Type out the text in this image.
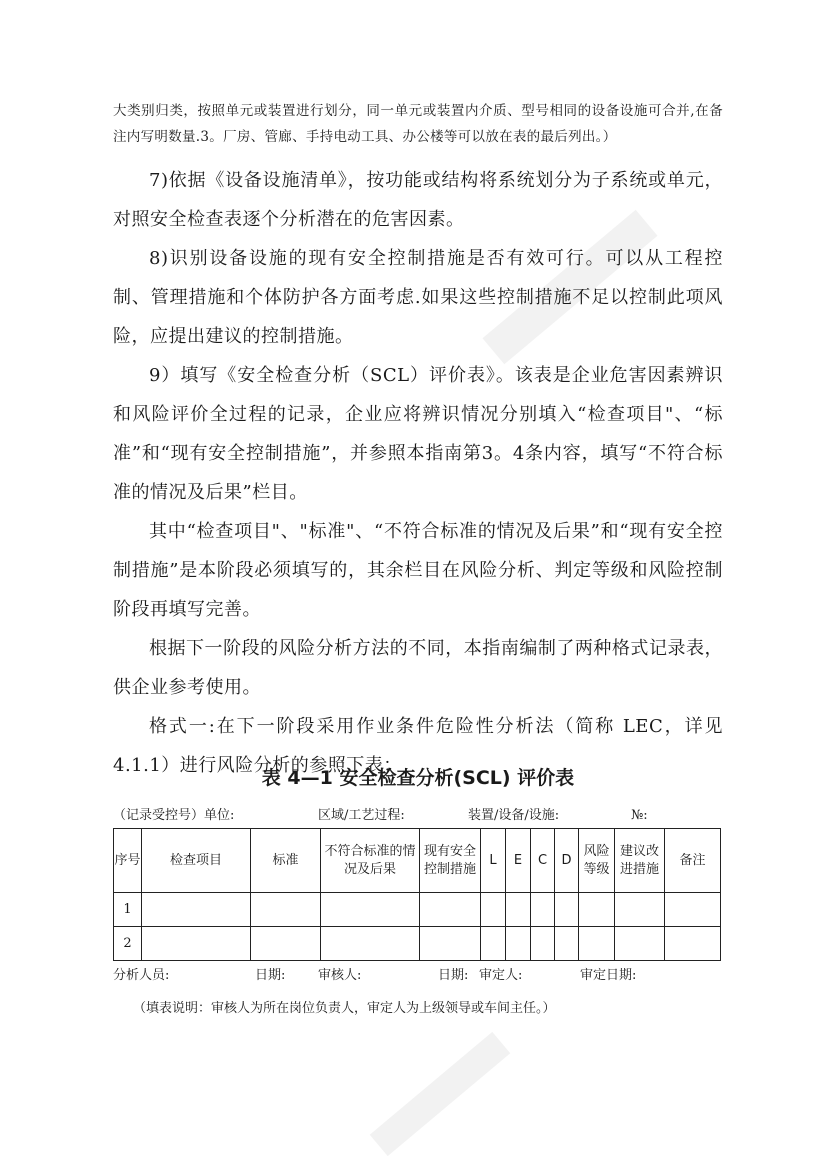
大类别归类，按照单元或装置进行划分，同一单元或装置内介质、型号相同的设备设施可合并,在备注内写明数量.3。厂房、管廊、手持电动工具、办公楼等可以放在表的最后列出。）

7)依据《设备设施清单》，按功能或结构将系统划分为子系统或单元，对照安全检查表逐个分析潜在的危害因素。

8)识别设备设施的现有安全控制措施是否有效可行。可以从工程控制、管理措施和个体防护各方面考虑.如果这些控制措施不足以控制此项风险，应提出建议的控制措施。

9）填写《安全检查分析（SCL）评价表》。该表是企业危害因素辨识和风险评价全过程的记录，企业应将辨识情况分别填入“检查项目"、“标准”和“现有安全控制措施”，并参照本指南第3。4条内容，填写“不符合标准的情况及后果”栏目。

其中“检查项目"、"标准"、“不符合标准的情况及后果”和“现有安全控制措施”是本阶段必须填写的，其余栏目在风险分析、判定等级和风险控制阶段再填写完善。

根据下一阶段的风险分析方法的不同，本指南编制了两种格式记录表，供企业参考使用。

格式一:在下一阶段采用作业条件危险性分析法（简称 LEC，详见 4.1.1）进行风险分析的参照下表：

表 4—1 安全检查分析(SCL) 评价表
（记录受控号）单位:	区域/工艺过程:	装置/设备/设施:	№:
序号	检查项目	标准	不符合标准的情况及后果	现有安全控制措施	L	E	C	D	风险等级	建议改进措施	备注
1											
2											
分析人员:	日期:	审核人:	日期: 审定人:	审定日期:
（填表说明：审核人为所在岗位负责人，审定人为上级领导或车间主任。）
